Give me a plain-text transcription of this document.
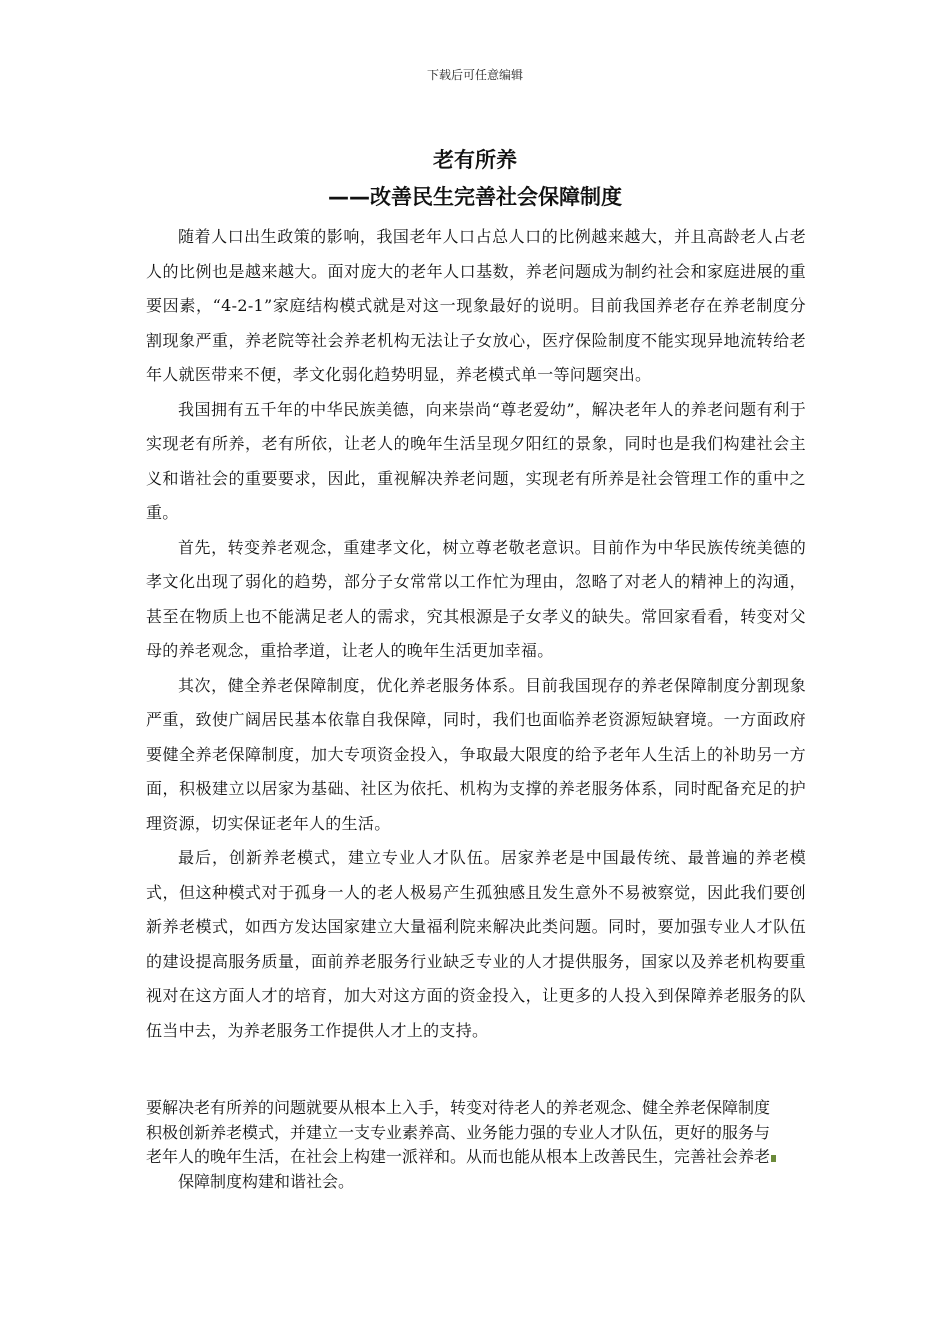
下载后可任意编辑
老有所养
——改善民生完善社会保障制度

随着人口出生政策的影响，我国老年人口占总人口的比例越来越大，并且高龄老人占老人的比例也是越来越大。面对庞大的老年人口基数，养老问题成为制约社会和家庭进展的重要因素，“4-2-1”家庭结构模式就是对这一现象最好的说明。目前我国养老存在养老制度分割现象严重，养老院等社会养老机构无法让子女放心，医疗保险制度不能实现异地流转给老年人就医带来不便，孝文化弱化趋势明显，养老模式单一等问题突出。

我国拥有五千年的中华民族美德，向来崇尚“尊老爱幼”，解决老年人的养老问题有利于实现老有所养，老有所依，让老人的晚年生活呈现夕阳红的景象，同时也是我们构建社会主义和谐社会的重要要求，因此，重视解决养老问题，实现老有所养是社会管理工作的重中之重。

首先，转变养老观念，重建孝文化，树立尊老敬老意识。目前作为中华民族传统美德的孝文化出现了弱化的趋势，部分子女常常以工作忙为理由，忽略了对老人的精神上的沟通，甚至在物质上也不能满足老人的需求，究其根源是子女孝义的缺失。常回家看看，转变对父母的养老观念，重拾孝道，让老人的晚年生活更加幸福。

其次，健全养老保障制度，优化养老服务体系。目前我国现存的养老保障制度分割现象严重，致使广阔居民基本依靠自我保障，同时，我们也面临养老资源短缺窘境。一方面政府要健全养老保障制度，加大专项资金投入，争取最大限度的给予老年人生活上的补助另一方面，积极建立以居家为基础、社区为依托、机构为支撑的养老服务体系，同时配备充足的护理资源，切实保证老年人的生活。

最后，创新养老模式，建立专业人才队伍。居家养老是中国最传统、最普遍的养老模式，但这种模式对于孤身一人的老人极易产生孤独感且发生意外不易被察觉，因此我们要创新养老模式，如西方发达国家建立大量福利院来解决此类问题。同时，要加强专业人才队伍的建设提高服务质量，面前养老服务行业缺乏专业的人才提供服务，国家以及养老机构要重视对在这方面人才的培育，加大对这方面的资金投入，让更多的人投入到保障养老服务的队伍当中去，为养老服务工作提供人才上的支持。

要解决老有所养的问题就要从根本上入手，转变对待老人的养老观念、健全养老保障制度

积极创新养老模式，并建立一支专业素养高、业务能力强的专业人才队伍，更好的服务与

老年人的晚年生活，在社会上构建一派祥和。从而也能从根本上改善民生，完善社会养老

保障制度构建和谐社会。
